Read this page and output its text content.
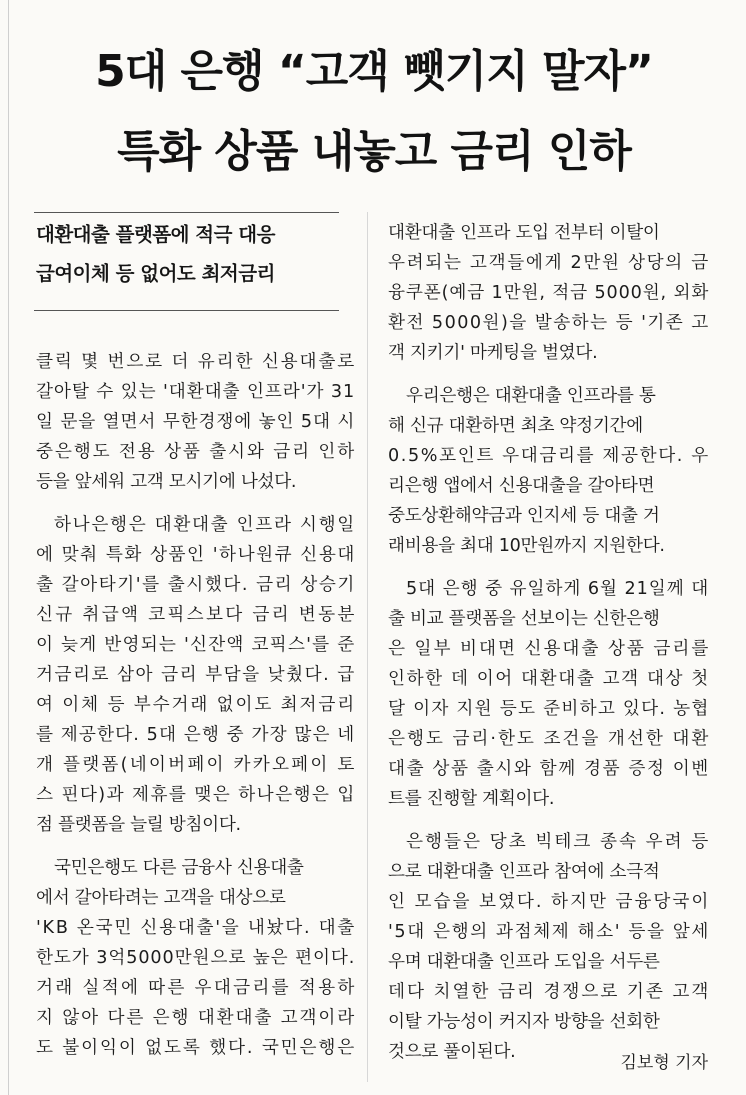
5대 은행 “고객 뺏기지 말자”
특화 상품 내놓고 금리 인하
대환대출 플랫폼에 적극 대응
급여이체 등 없어도 최저금리
클릭 몇 번으로 더 유리한 신용대출로
갈아탈 수 있는 '대환대출 인프라'가 31
일 문을 열면서 무한경쟁에 놓인 5대 시
중은행도 전용 상품 출시와 금리 인하
등을 앞세워 고객 모시기에 나섰다.
하나은행은 대환대출 인프라 시행일
에 맞춰 특화 상품인 '하나원큐 신용대
출 갈아타기'를 출시했다. 금리 상승기
신규 취급액 코픽스보다 금리 변동분
이 늦게 반영되는 '신잔액 코픽스'를 준
거금리로 삼아 금리 부담을 낮췄다. 급
여 이체 등 부수거래 없이도 최저금리
를 제공한다. 5대 은행 중 가장 많은 네
개 플랫폼(네이버페이 카카오페이 토
스 핀다)과 제휴를 맺은 하나은행은 입
점 플랫폼을 늘릴 방침이다.
국민은행도 다른 금융사 신용대출
에서 갈아타려는 고객을 대상으로
'KB 온국민 신용대출'을 내놨다. 대출
한도가 3억5000만원으로 높은 편이다.
거래 실적에 따른 우대금리를 적용하
지 않아 다른 은행 대환대출 고객이라
도 불이익이 없도록 했다. 국민은행은
대환대출 인프라 도입 전부터 이탈이
우려되는 고객들에게 2만원 상당의 금
융쿠폰(예금 1만원, 적금 5000원, 외화
환전 5000원)을 발송하는 등 '기존 고
객 지키기' 마케팅을 벌였다.
우리은행은 대환대출 인프라를 통
해 신규 대환하면 최초 약정기간에
0.5%포인트 우대금리를 제공한다. 우
리은행 앱에서 신용대출을 갈아타면
중도상환해약금과 인지세 등 대출 거
래비용을 최대 10만원까지 지원한다.
5대 은행 중 유일하게 6월 21일께 대
출 비교 플랫폼을 선보이는 신한은행
은 일부 비대면 신용대출 상품 금리를
인하한 데 이어 대환대출 고객 대상 첫
달 이자 지원 등도 준비하고 있다. 농협
은행도 금리·한도 조건을 개선한 대환
대출 상품 출시와 함께 경품 증정 이벤
트를 진행할 계획이다.
은행들은 당초 빅테크 종속 우려 등
으로 대환대출 인프라 참여에 소극적
인 모습을 보였다. 하지만 금융당국이
'5대 은행의 과점체제 해소' 등을 앞세
우며 대환대출 인프라 도입을 서두른
데다 치열한 금리 경쟁으로 기존 고객
이탈 가능성이 커지자 방향을 선회한
것으로 풀이된다.
김보형 기자
